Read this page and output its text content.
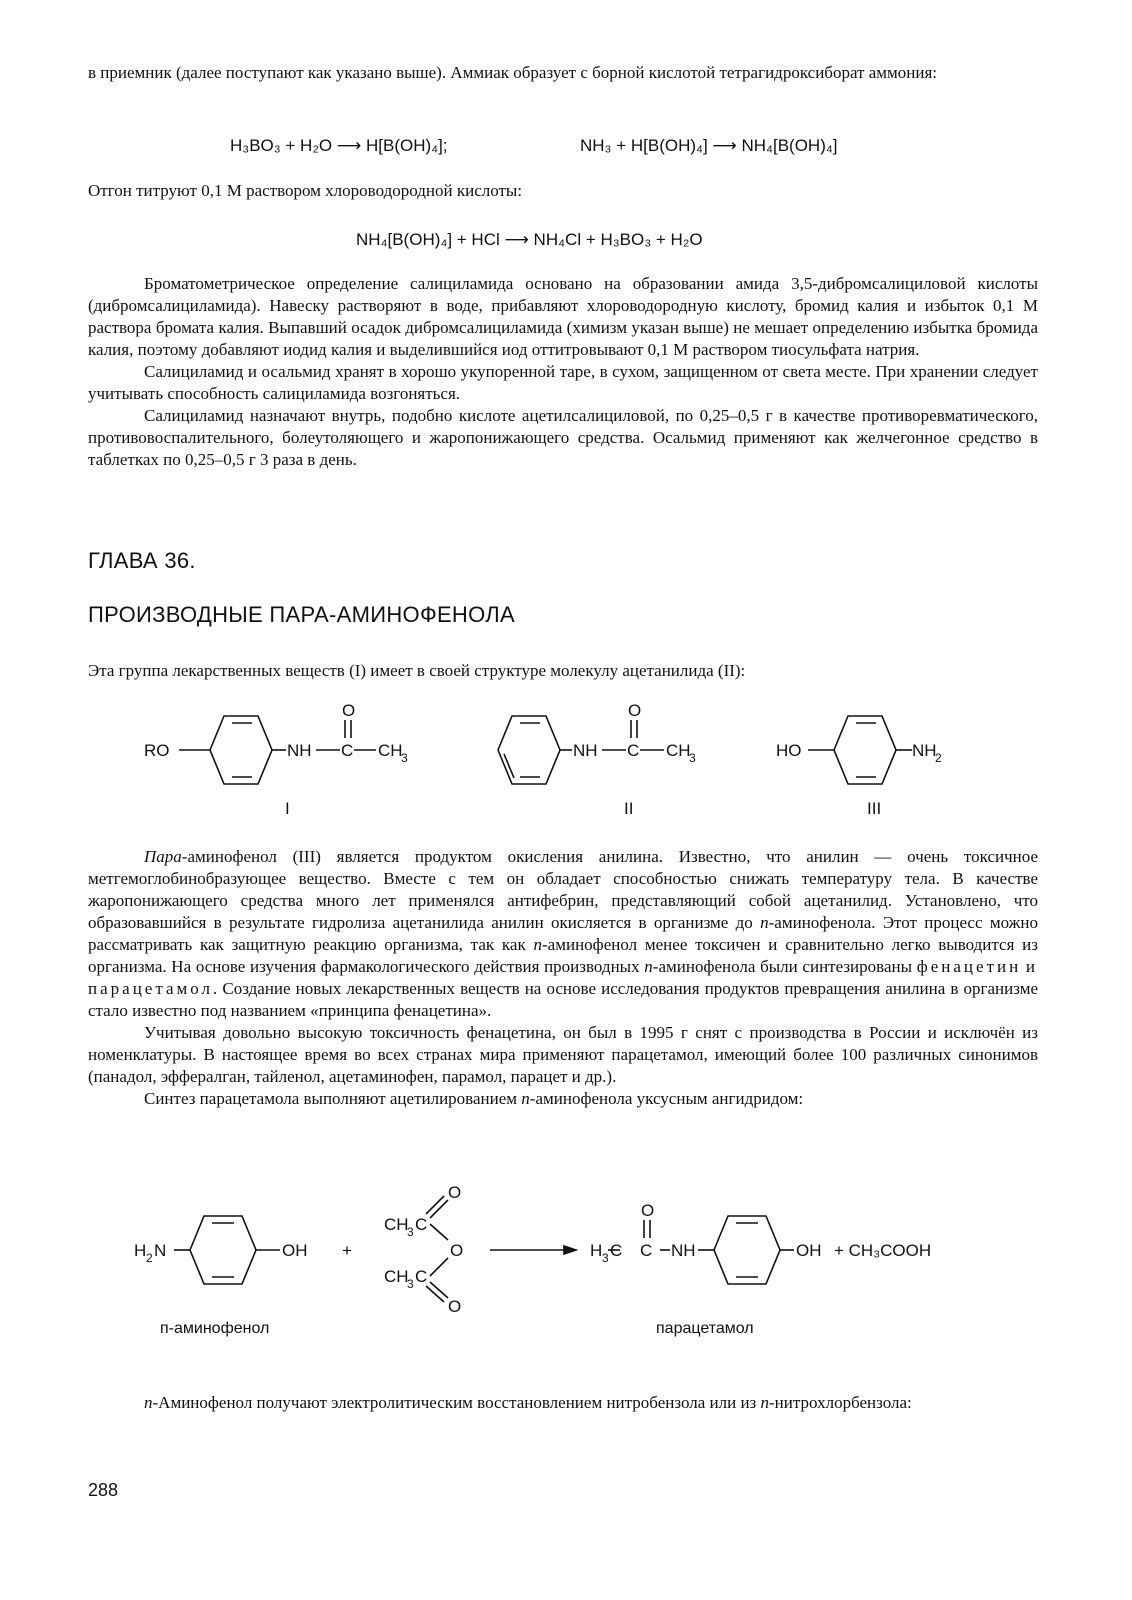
в приемник (далее поступают как указано выше). Аммиак образует с борной кислотой тетрагидроксиборат аммония:

H₃BO₃ + H₂O ⟶ H[B(OH)₄];	NH₃ + H[B(OH)₄] ⟶ NH₄[B(OH)₄]

Отгон титруют 0,1 М раствором хлороводородной кислоты:

NH₄[B(OH)₄] + HCl ⟶ NH₄Cl + H₃BO₃ + H₂O

Броматометрическое определение салициламида основано на образовании амида 3,5-дибромсалициловой кислоты (дибромсалициламида). Навеску растворяют в воде, прибавляют хлороводородную кислоту, бромид калия и избыток 0,1 М раствора бромата калия. Выпавший осадок дибромсалициламида (химизм указан выше) не мешает определению избытка бромида калия, поэтому добавляют иодид калия и выделившийся иод оттитровывают 0,1 М раствором тиосульфата натрия.

Салициламид и осальмид хранят в хорошо укупоренной таре, в сухом, защищенном от света месте. При хранении следует учитывать способность салициламида возгоняться.

Салициламид назначают внутрь, подобно кислоте ацетилсалициловой, по 0,25–0,5 г в качестве противоревматического, противовоспалительного, болеутоляющего и жаропонижающего средства. Осальмид применяют как желчегонное средство в таблетках по 0,25–0,5 г 3 раза в день.

ГЛАВА 36.
ПРОИЗВОДНЫЕ ПАРА-АМИНОФЕНОЛА

Эта группа лекарственных веществ (I) имеет в своей структуре молекулу ацетанилида (II):

RO	NH C
O
CH
3	NH C
O
CH
3	HO	NH
2
I	II	III

Пара-аминофенол (III) является продуктом окисления анилина. Известно, что анилин — очень токсичное метгемоглобинобразующее вещество. Вместе с тем он обладает способностью снижать температуру тела. В качестве жаропонижающего средства много лет применялся антифебрин, представляющий собой ацетанилид. Установлено, что образовавшийся в результате гидролиза ацетанилида анилин окисляется в организме до п-аминофенола. Этот процесс можно рассматривать как защитную реакцию организма, так как п-аминофенол менее токсичен и сравнительно легко выводится из организма. На основе изучения фармакологического действия производных п-аминофенола были синтезированы фенацетин и парацетамол. Создание новых лекарственных веществ на основе исследования продуктов превращения анилина в организме стало известно под названием «принципа фенацетина».

Учитывая довольно высокую токсичность фенацетина, он был в 1995 г снят с производства в России и исключён из номенклатуры. В настоящее время во всех странах мира применяют парацетамол, имеющий более 100 различных синонимов (панадол, эффералган, тайленол, ацетаминофен, парамол, парацет и др.).

Синтез парацетамола выполняют ацетилированием п-аминофенола уксусным ангидридом:

H 2 N	OH +
O
CH
3 C
O
CH
3 C
O
H 3 C
O
C NH	OH + CH₃COOH
п-аминофенол	парацетамол

п-Аминофенол получают электролитическим восстановлением нитробензола или из п-нитрохлорбензола:

288
